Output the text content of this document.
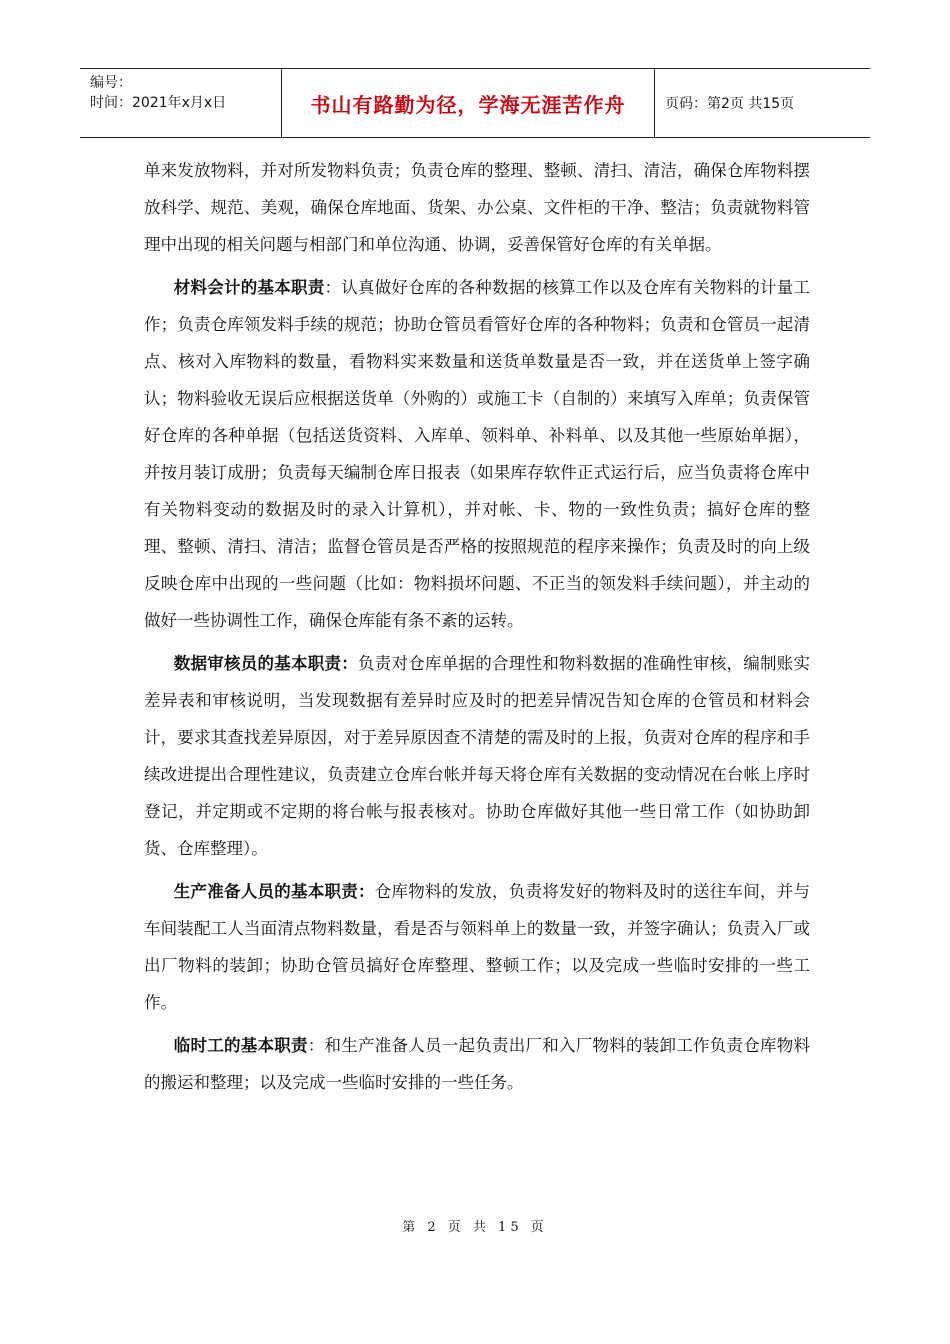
编号：
时间：2021年x月x日	书山有路勤为径，学海无涯苦作舟	页码：第2页 共15页

单来发放物料，并对所发物料负责；负责仓库的整理、整顿、清扫、清洁，确保仓库物料摆放科学、规范、美观，确保仓库地面、货架、办公桌、文件柜的干净、整洁；负责就物料管理中出现的相关问题与相部门和单位沟通、协调，妥善保管好仓库的有关单据。

材料会计的基本职责：认真做好仓库的各种数据的核算工作以及仓库有关物料的计量工作；负责仓库领发料手续的规范；协助仓管员看管好仓库的各种物料；负责和仓管员一起清点、核对入库物料的数量，看物料实来数量和送货单数量是否一致，并在送货单上签字确认；物料验收无误后应根据送货单（外购的）或施工卡（自制的）来填写入库单；负责保管好仓库的各种单据（包括送货资料、入库单、领料单、补料单、以及其他一些原始单据），并按月装订成册；负责每天编制仓库日报表（如果库存软件正式运行后，应当负责将仓库中有关物料变动的数据及时的录入计算机），并对帐、卡、物的一致性负责；搞好仓库的整理、整顿、清扫、清洁；监督仓管员是否严格的按照规范的程序来操作；负责及时的向上级反映仓库中出现的一些问题（比如：物料损坏问题、不正当的领发料手续问题），并主动的做好一些协调性工作，确保仓库能有条不紊的运转。

数据审核员的基本职责：负责对仓库单据的合理性和物料数据的准确性审核，编制账实差异表和审核说明，当发现数据有差异时应及时的把差异情况告知仓库的仓管员和材料会计，要求其查找差异原因，对于差异原因查不清楚的需及时的上报，负责对仓库的程序和手续改进提出合理性建议，负责建立仓库台帐并每天将仓库有关数据的变动情况在台帐上序时登记，并定期或不定期的将台帐与报表核对。协助仓库做好其他一些日常工作（如协助卸货、仓库整理）。

生产准备人员的基本职责：仓库物料的发放，负责将发好的物料及时的送往车间，并与车间装配工人当面清点物料数量，看是否与领料单上的数量一致，并签字确认；负责入厂或出厂物料的装卸；协助仓管员搞好仓库整理、整顿工作；以及完成一些临时安排的一些工作。

临时工的基本职责：和生产准备人员一起负责出厂和入厂物料的装卸工作负责仓库物料的搬运和整理；以及完成一些临时安排的一些任务。

第 2 页 共 15 页
